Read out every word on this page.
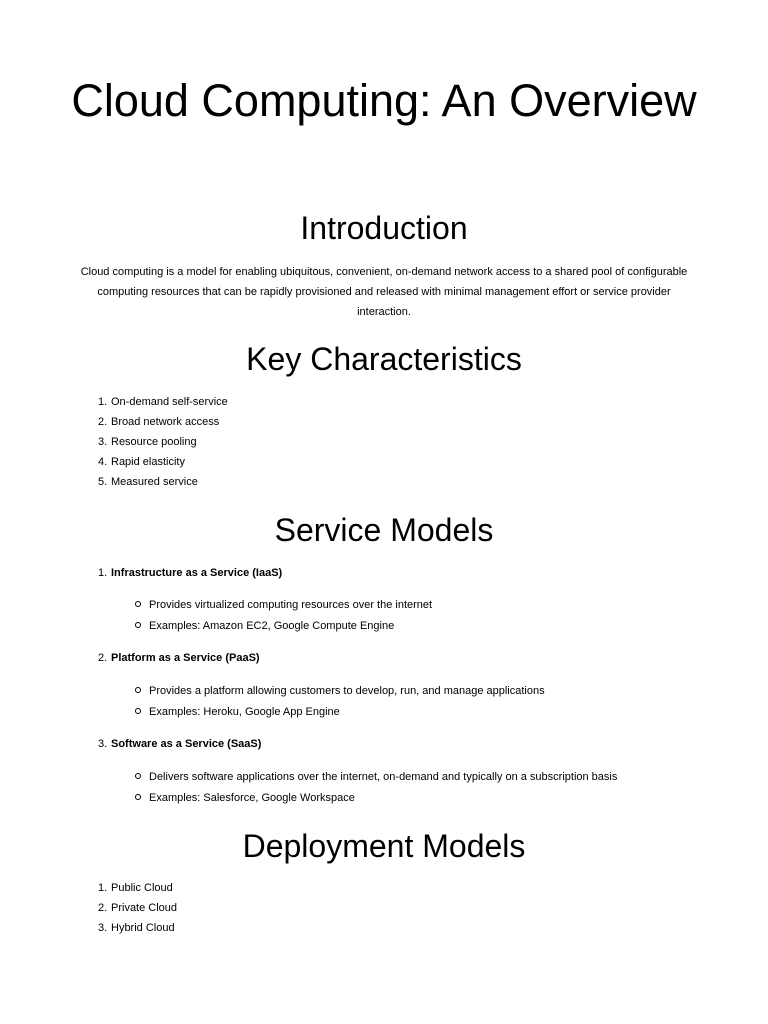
Cloud Computing: An Overview
Introduction

Cloud computing is a model for enabling ubiquitous, convenient, on-demand network access to a shared pool of configurable computing resources that can be rapidly provisioned and released with minimal management effort or service provider interaction.

Key Characteristics
1. On-demand self-service
2. Broad network access
3. Resource pooling
4. Rapid elasticity
5. Measured service
Service Models
1. Infrastructure as a Service (IaaS)
Provides virtualized computing resources over the internet
Examples: Amazon EC2, Google Compute Engine
2. Platform as a Service (PaaS)
Provides a platform allowing customers to develop, run, and manage applications
Examples: Heroku, Google App Engine
3. Software as a Service (SaaS)
Delivers software applications over the internet, on-demand and typically on a subscription basis
Examples: Salesforce, Google Workspace
Deployment Models
1. Public Cloud
2. Private Cloud
3. Hybrid Cloud
